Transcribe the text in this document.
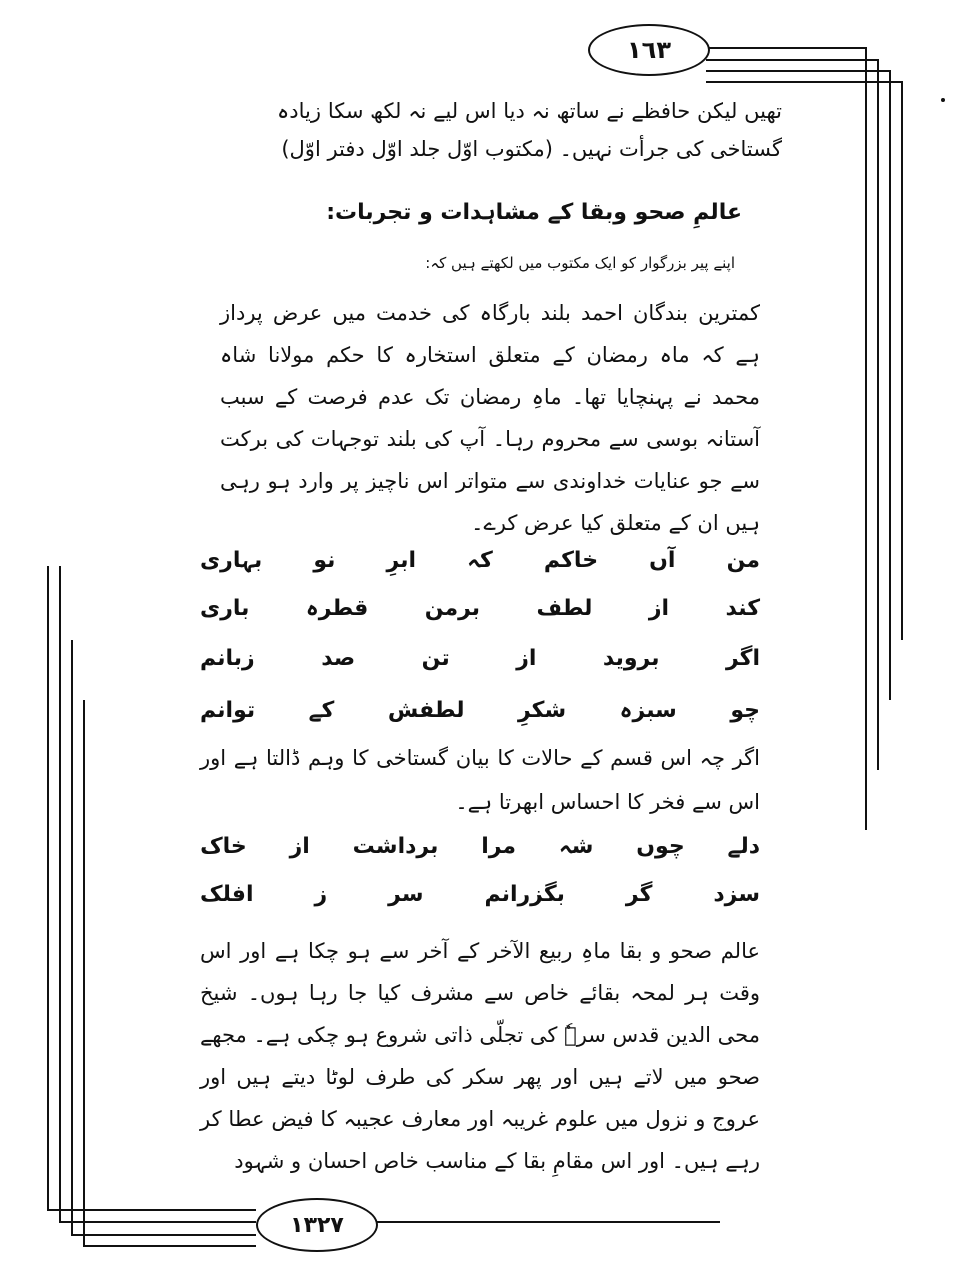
١٦٣
تھیں لیکن حافظے نے ساتھ نہ دیا اس لیے نہ لکھ سکا زیادہ گستاخی کی جرأت نہیں۔ (مکتوب اوّل جلد اوّل دفتر اوّل)
عالمِ صحو وبقا کے مشاہدات و تجربات:
اپنے پیر بزرگوار کو ایک مکتوب میں لکھتے ہیں کہ:
کمترین بندگان احمد بلند بارگاہ کی خدمت میں عرض پرداز ہے کہ ماہ رمضان کے متعلق استخارہ کا حکم مولانا شاہ محمد نے پہنچایا تھا۔ ماہِ رمضان تک عدم فرصت کے سبب آستانہ بوسی سے محروم رہا۔ آپ کی بلند توجہات کی برکت سے جو عنایات خداوندی سے متواتر اس ناچیز پر وارد ہو رہی ہیں ان کے متعلق کیا عرض کرے۔
من
آں
خاکم
کہ
ابرِ
نو
بہاری
کند
از
لطف
برمن
قطرہ
باری
اگر
بروید
از
تن
صد
زبانم
چو
سبزہ
شکرِ
لطفش
کے
توانم
اگر چہ اس قسم کے حالات کا بیان گستاخی کا وہم ڈالتا ہے اور اس سے فخر کا احساس ابھرتا ہے۔
دلے
چوں
شہ
مرا
برداشت
از
خاک
سزد
گر
بگزرانم
سر
ز
افلک
عالم صحو و بقا ماہِ ربیع الآخر کے آخر سے ہو چکا ہے اور اس وقت ہر لمحہ بقائے خاص سے مشرف کیا جا رہا ہوں۔ شیخ محی الدین قدس سرہٗ کی تجلّی ذاتی شروع ہو چکی ہے۔ مجھے صحو میں لاتے ہیں اور پھر سکر کی طرف لوٹا دیتے ہیں اور عروج و نزول میں علوم غریبہ اور معارف عجیبہ کا فیض عطا کر رہے ہیں۔ اور اس مقامِ بقا کے مناسب خاص احسان و شہود
١٣٢٧
